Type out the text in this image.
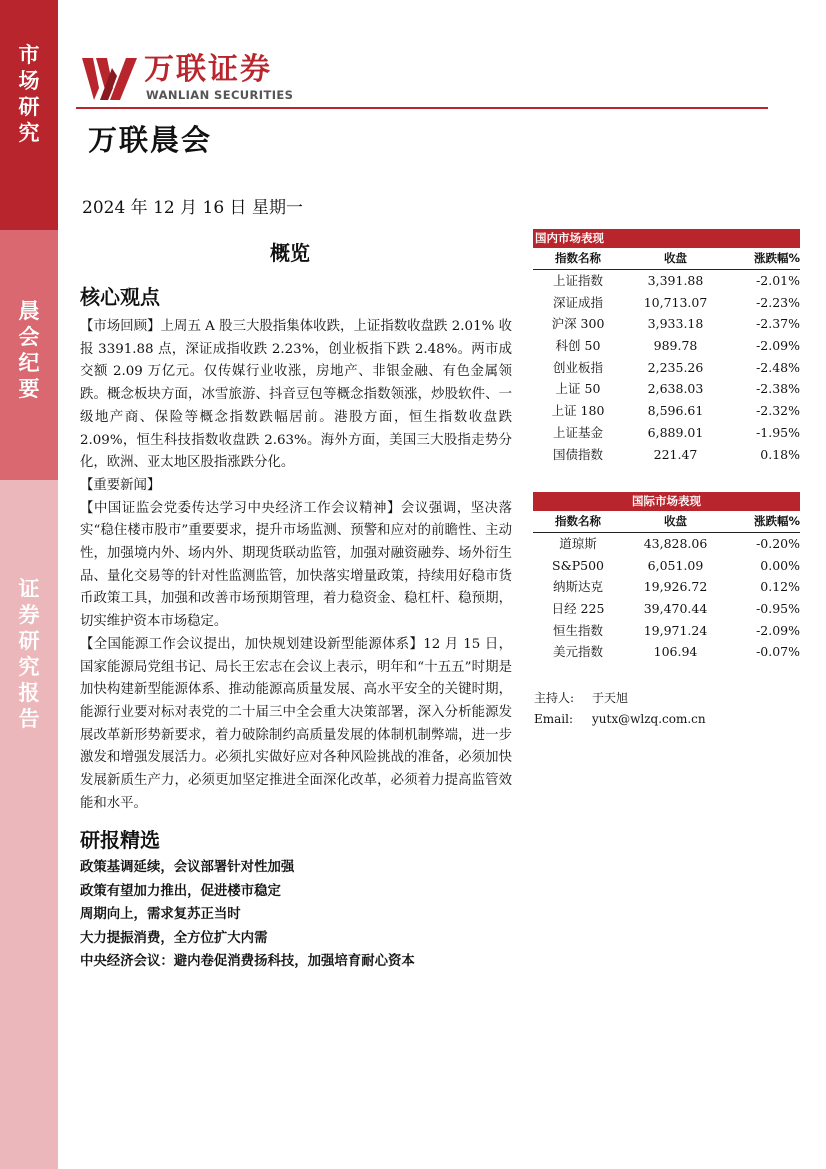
市
场
研
究
晨
会
纪
要
证
券
研
究
报
告
万联证券
WANLIAN SECURITIES
万联晨会
2024 年 12 月 16 日 星期一
概览
核心观点

【市场回顾】上周五 A 股三大股指集体收跌，上证指数收盘跌 2.01% 收报 3391.88 点，深证成指收跌 2.23%，创业板指下跌 2.48%。两市成交额 2.09 万亿元。仅传媒行业收涨，房地产、非银金融、有色金属领跌。概念板块方面，冰雪旅游、抖音豆包等概念指数领涨，炒股软件、一级地产商、保险等概念指数跌幅居前。港股方面，恒生指数收盘跌 2.09%，恒生科技指数收盘跌 2.63%。海外方面，美国三大股指走势分化，欧洲、亚太地区股指涨跌分化。

【重要新闻】

【中国证监会党委传达学习中央经济工作会议精神】会议强调，坚决落实“稳住楼市股市”重要要求，提升市场监测、预警和应对的前瞻性、主动性，加强境内外、场内外、期现货联动监管，加强对融资融券、场外衍生品、量化交易等的针对性监测监管，加快落实增量政策，持续用好稳市货币政策工具，加强和改善市场预期管理，着力稳资金、稳杠杆、稳预期，切实维护资本市场稳定。

【全国能源工作会议提出，加快规划建设新型能源体系】12 月 15 日，国家能源局党组书记、局长王宏志在会议上表示，明年和“十五五”时期是加快构建新型能源体系、推动能源高质量发展、高水平安全的关键时期，能源行业要对标对表党的二十届三中全会重大决策部署，深入分析能源发展改革新形势新要求，着力破除制约高质量发展的体制机制弊端，进一步激发和增强发展活力。必须扎实做好应对各种风险挑战的准备，必须加快发展新质生产力，必须更加坚定推进全面深化改革，必须着力提高监管效能和水平。

研报精选
政策基调延续，会议部署针对性加强
政策有望加力推出，促进楼市稳定
周期向上，需求复苏正当时
大力提振消费，全方位扩大内需
中央经济会议：避内卷促消费扬科技，加强培育耐心资本
国内市场表现
指数名称	收盘	涨跌幅%
上证指数	3,391.88	-2.01%
深证成指	10,713.07	-2.23%
沪深 300	3,933.18	-2.37%
科创 50	989.78	-2.09%
创业板指	2,235.26	-2.48%
上证 50	2,638.03	-2.38%
上证 180	8,596.61	-2.32%
上证基金	6,889.01	-1.95%
国债指数	221.47	0.18%
国际市场表现
指数名称	收盘	涨跌幅%
道琼斯	43,828.06	-0.20%
S&P500	6,051.09	0.00%
纳斯达克	19,926.72	0.12%
日经 225	39,470.44	-0.95%
恒生指数	19,971.24	-2.09%
美元指数	106.94	-0.07%
主持人: 于天旭
Email: yutx@wlzq.com.cn
